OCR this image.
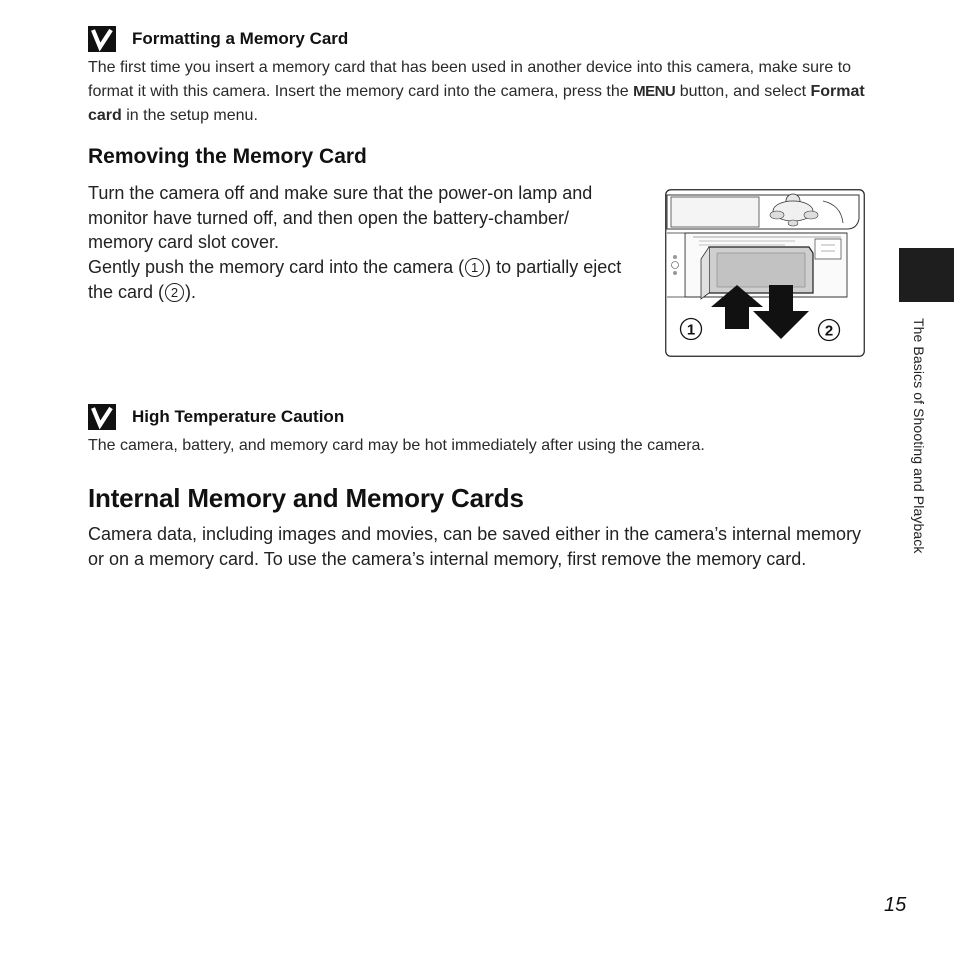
Formatting a Memory Card
The first time you insert a memory card that has been used in another device into this camera, make sure to format it with this camera. Insert the memory card into the camera, press the MENU button, and select Format card in the setup menu.
Removing the Memory Card
Turn the camera off and make sure that the power-on lamp and monitor have turned off, and then open the battery-chamber/ memory card slot cover.
Gently push the memory card into the camera ( 1 ) to partially eject the card ( 2 ).
1	2
High Temperature Caution
The camera, battery, and memory card may be hot immediately after using the camera.
Internal Memory and Memory Cards
Camera data, including images and movies, can be saved either in the camera’s internal memory or on a memory card. To use the camera’s internal memory, first remove the memory card.
The Basics of Shooting and Playback
15
